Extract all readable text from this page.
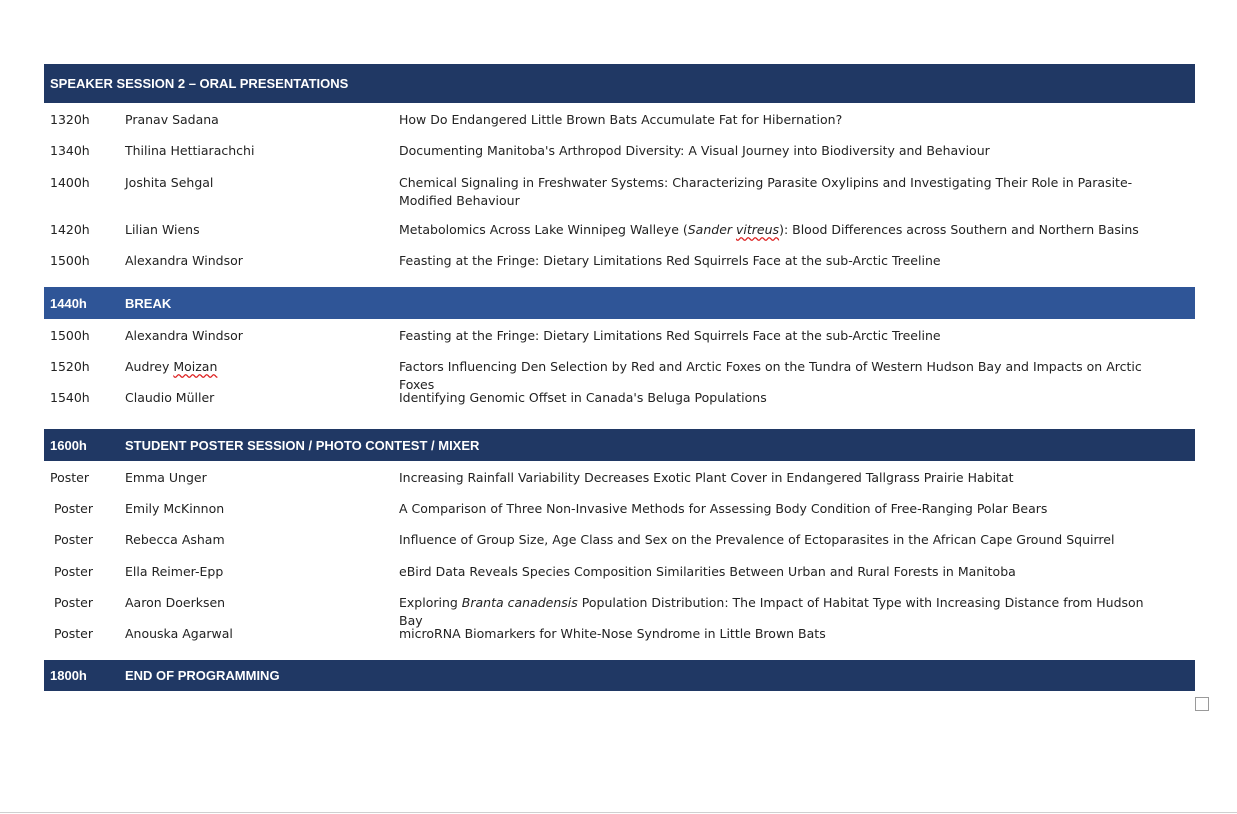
SPEAKER SESSION 2 – ORAL PRESENTATIONS
1320h	Pranav Sadana	How Do Endangered Little Brown Bats Accumulate Fat for Hibernation?
1340h	Thilina Hettiarachchi	Documenting Manitoba's Arthropod Diversity: A Visual Journey into Biodiversity and Behaviour
1400h	Joshita Sehgal	Chemical Signaling in Freshwater Systems: Characterizing Parasite Oxylipins and Investigating Their Role in Parasite-Modified Behaviour
1420h	Lilian Wiens	Metabolomics Across Lake Winnipeg Walleye (Sander vitreus): Blood Differences across Southern and Northern Basins
1500h	Alexandra Windsor	Feasting at the Fringe: Dietary Limitations Red Squirrels Face at the sub-Arctic Treeline
1440h	BREAK
1500h	Alexandra Windsor	Feasting at the Fringe: Dietary Limitations Red Squirrels Face at the sub-Arctic Treeline
1520h	Audrey Moizan	Factors Influencing Den Selection by Red and Arctic Foxes on the Tundra of Western Hudson Bay and Impacts on Arctic Foxes
1540h	Claudio Müller	Identifying Genomic Offset in Canada's Beluga Populations
1600h	STUDENT POSTER SESSION / PHOTO CONTEST / MIXER
Poster	Emma Unger	Increasing Rainfall Variability Decreases Exotic Plant Cover in Endangered Tallgrass Prairie Habitat
Poster	Emily McKinnon	A Comparison of Three Non-Invasive Methods for Assessing Body Condition of Free-Ranging Polar Bears
Poster	Rebecca Asham	Influence of Group Size, Age Class and Sex on the Prevalence of Ectoparasites in the African Cape Ground Squirrel
Poster	Ella Reimer-Epp	eBird Data Reveals Species Composition Similarities Between Urban and Rural Forests in Manitoba
Poster	Aaron Doerksen	Exploring Branta canadensis Population Distribution: The Impact of Habitat Type with Increasing Distance from Hudson Bay
Poster	Anouska Agarwal	microRNA Biomarkers for White-Nose Syndrome in Little Brown Bats
1800h	END OF PROGRAMMING
